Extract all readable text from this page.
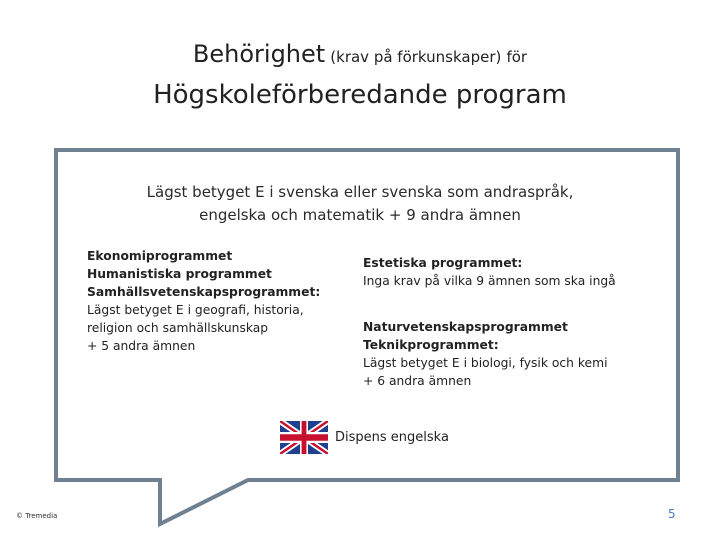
Behörighet (krav på förkunskaper) för
Högskoleförberedande program
Lägst betyget E i svenska eller svenska som andraspråk,
engelska och matematik + 9 andra ämnen
Ekonomiprogrammet
Humanistiska programmet
Samhällsvetenskapsprogrammet:
Lägst betyget E i geografi, historia,
religion och samhällskunskap
+ 5 andra ämnen
Estetiska programmet:
Inga krav på vilka 9 ämnen som ska ingå
Naturvetenskapsprogrammet
Teknikprogrammet:
Lägst betyget E i biologi, fysik och kemi
+ 6 andra ämnen
Dispens engelska
© Tremedia	5
